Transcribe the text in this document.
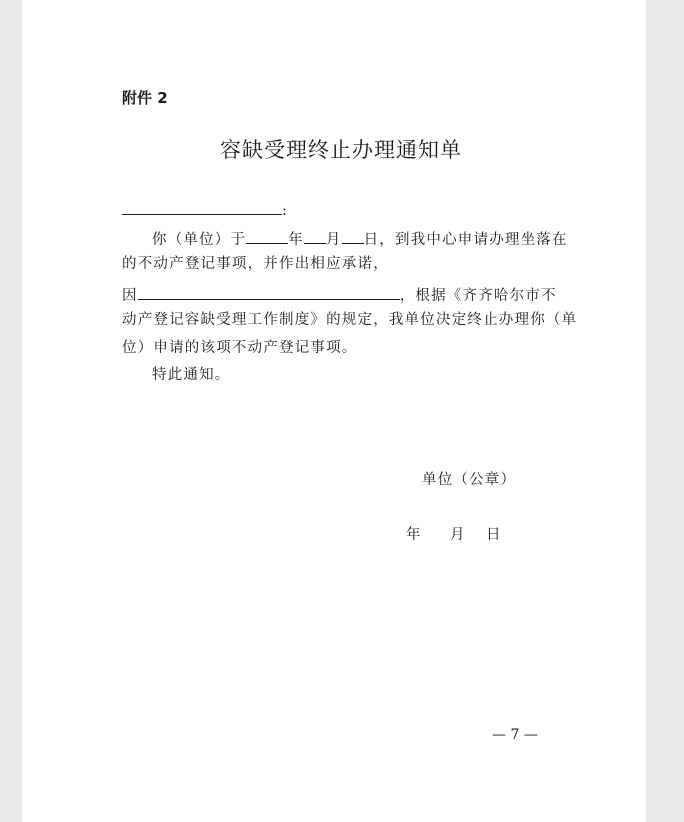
附件 2
容缺受理终止办理通知单
:
你（单位）于	年 月 日，到我中心申请办理坐落在
的不动产登记事项，并作出相应承诺，
因	，根据《齐齐哈尔市不
动产登记容缺受理工作制度》的规定，我单位决定终止办理你（单
位）申请的该项不动产登记事项。
特此通知。
单位（公章）
年 月 日
— 7 —
